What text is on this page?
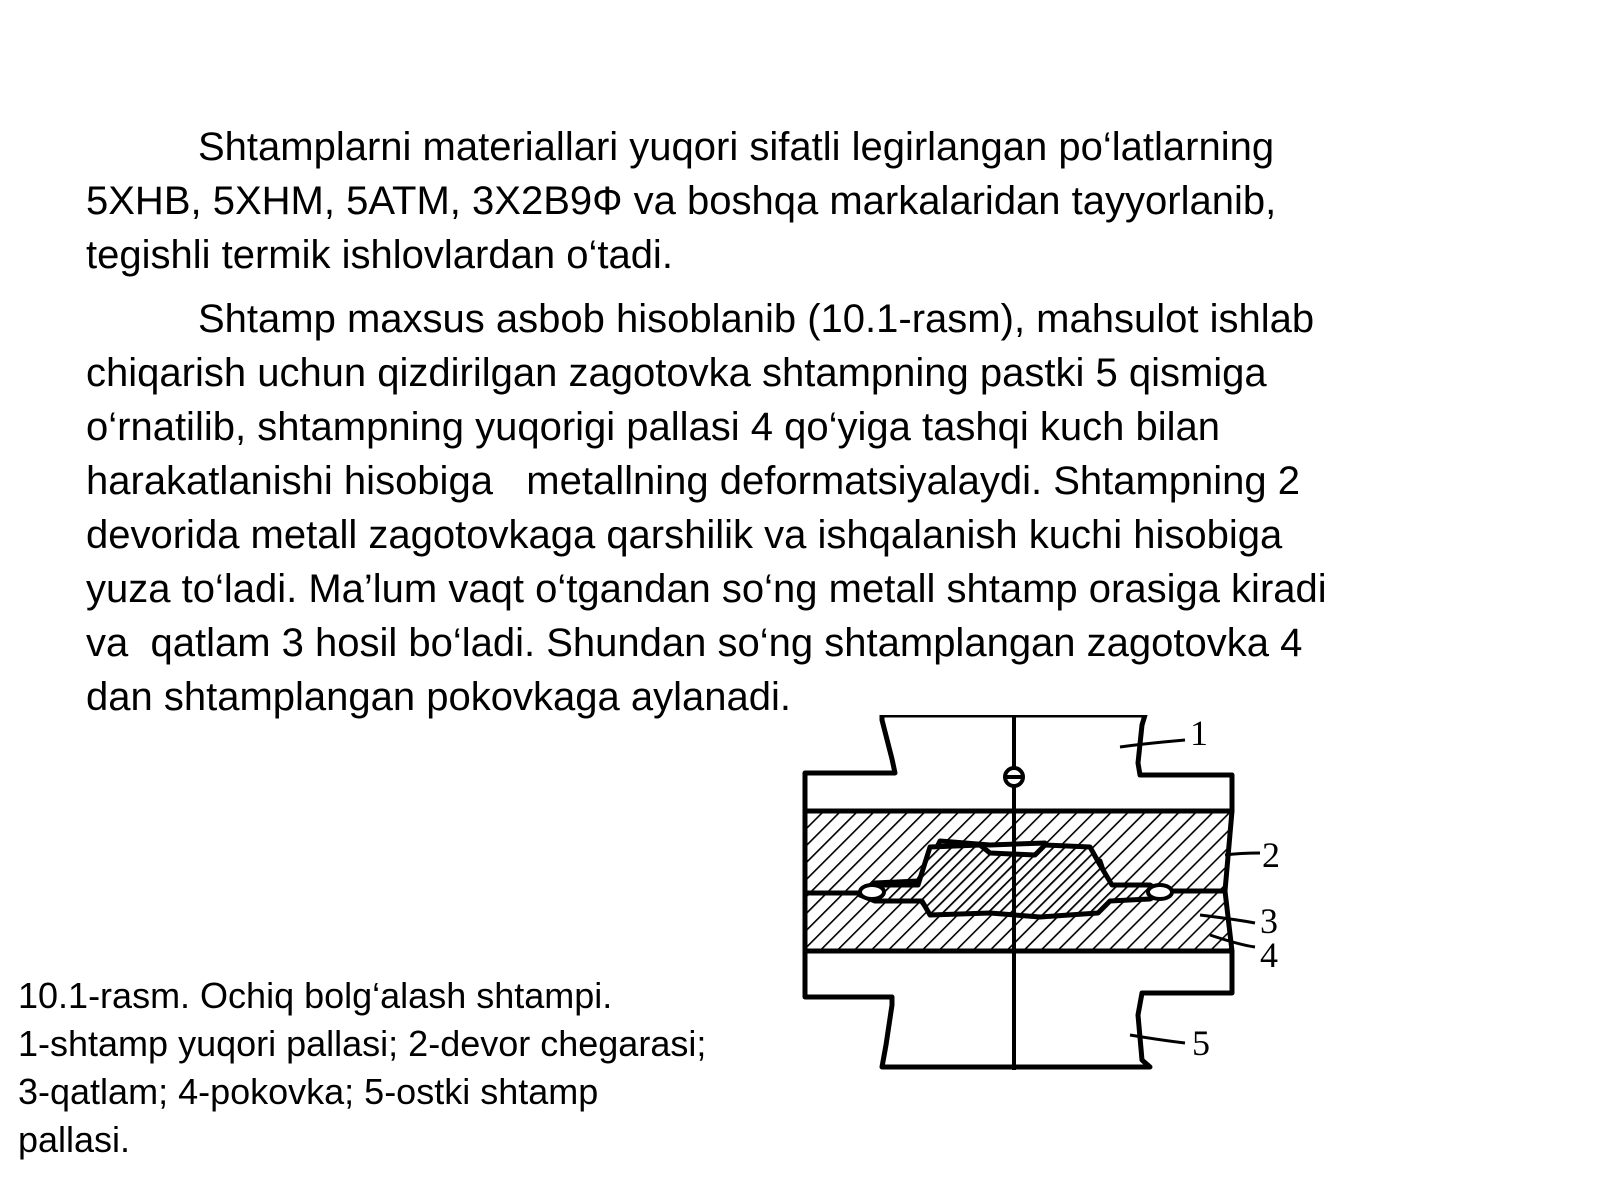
Shtamplarni materiallari yuqori sifatli legirlangan po‘latlarning
5XHB, 5XHM, 5ATM, 3X2B9Ф va boshqa markalaridan tayyorlanib,
tegishli termik ishlovlardan o‘tadi.
Shtamp maxsus asbob hisoblanib (10.1-rasm), mahsulot ishlab
chiqarish uchun qizdirilgan zagotovka shtampning pastki 5 qismiga
o‘rnatilib, shtampning yuqorigi pallasi 4 qo‘yiga tashqi kuch bilan
harakatlanishi hisobiga   metallning deformatsiyalaydi. Shtampning 2
devorida metall zagotovkaga qarshilik va ishqalanish kuchi hisobiga
yuza to‘ladi. Ma’lum vaqt o‘tgandan so‘ng metall shtamp orasiga kiradi
va  qatlam 3 hosil bo‘ladi. Shundan so‘ng shtamplangan zagotovka 4
dan shtamplangan pokovkaga aylanadi.
10.1-rasm. Ochiq bolg‘alash shtampi.
1-shtamp yuqori pallasi; 2-devor chegarasi;
3-qatlam; 4-pokovka; 5-ostki shtamp
pallasi.
1
2
3
4
5
